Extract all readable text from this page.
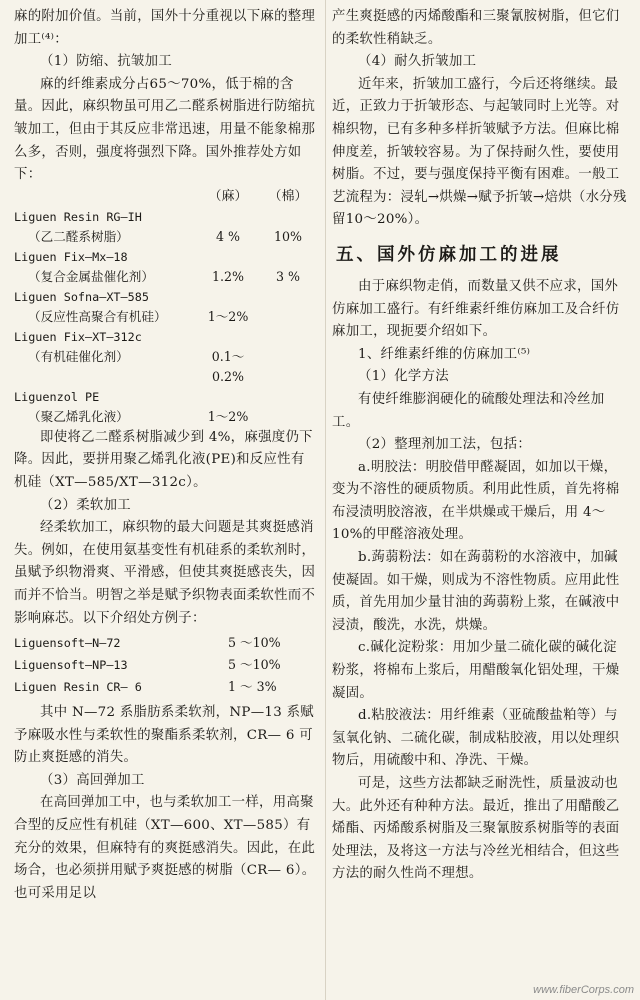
麻的附加价值。当前，国外十分重视以下麻的整理加工⁽⁴⁾：

（1）防缩、抗皱加工

麻的纤维素成分占65～70%，低于棉的含量。因此，麻织物虽可用乙二醛系树脂进行防缩抗皱加工，但由于其反应非常迅速，用量不能象棉那么多，否则，强度将强烈下降。国外推荐处方如下：

（麻）	（棉）
Liguen Resin RG—IH
（乙二醛系树脂）	4 %	10%
Liguen Fix—Mx—18
（复合金属盐催化剂）	1.2%	3 %
Liguen Sofna—XT—585
（反应性高聚合有机硅）	1～2%
Liguen Fix—XT—312c
（有机硅催化剂）	0.1～0.2%
Liguenzol PE
（聚乙烯乳化液）	1～2%

即使将乙二醛系树脂减少到 4%，麻强度仍下降。因此，要拼用聚乙烯乳化液(PE)和反应性有机硅（XT—585/XT—312c）。

（2）柔软加工

经柔软加工，麻织物的最大问题是其爽挺感消失。例如，在使用氨基变性有机硅系的柔软剂时，虽赋予织物滑爽、平滑感，但使其爽挺感丧失，因而并不恰当。明智之举是赋予织物表面柔软性而不影响麻芯。以下介绍处方例子：

Liguensoft—N—72	5 ～10%
Liguensoft—NP—13	5 ～10%
Liguen Resin CR— 6	1 ～ 3%

其中 N—72 系脂肪系柔软剂，NP—13 系赋予麻吸水性与柔软性的聚酯系柔软剂，CR— 6 可防止爽挺感的消失。

（3）高回弹加工

在高回弹加工中，也与柔软加工一样，用高聚合型的反应性有机硅（XT—600、XT—585）有充分的效果，但麻特有的爽挺感消失。因此，在此场合，也必须拼用赋予爽挺感的树脂（CR— 6）。也可采用足以

产生爽挺感的丙烯酸酯和三聚氰胺树脂，但它们的柔软性稍缺乏。

（4）耐久折皱加工

近年来，折皱加工盛行，今后还将继续。最近，正致力于折皱形态、与起皱同时上光等。对棉织物，已有多种多样折皱赋予方法。但麻比棉伸度差，折皱较容易。为了保持耐久性，要使用树脂。不过，要与强度保持平衡有困难。一般工艺流程为：浸轧→烘燥→赋予折皱→焙烘（水分残留10～20%）。

五、国外仿麻加工的进展

由于麻织物走俏，而数量又供不应求，国外仿麻加工盛行。有纤维素纤维仿麻加工及合纤仿麻加工，现扼要介绍如下。

1、纤维素纤维的仿麻加工⁽⁵⁾

（1）化学方法

有使纤维膨润硬化的硫酸处理法和冷丝加工。

（2）整理剂加工法，包括：

a.明胶法：明胶借甲醛凝固，如加以干燥，变为不溶性的硬质物质。利用此性质，首先将棉布浸渍明胶溶液，在半烘燥或干燥后，用 4～10%的甲醛溶液处理。

b.蒟蒻粉法：如在蒟蒻粉的水溶液中，加碱使凝固。如干燥，则成为不溶性物质。应用此性质，首先用加少量甘油的蒟蒻粉上浆，在碱液中浸渍，酸洗，水洗，烘燥。

c.碱化淀粉浆：用加少量二硫化碳的碱化淀粉浆，将棉布上浆后，用醋酸氧化铝处理，干燥凝固。

d.粘胶液法：用纤维素（亚硫酸盐粕等）与氢氧化钠、二硫化碳，制成粘胶液，用以处理织物后，用硫酸中和、净洗、干燥。

可是，这些方法都缺乏耐洗性，质量波动也大。此外还有种种方法。最近，推出了用醋酸乙烯酯、丙烯酸系树脂及三聚氰胺系树脂等的表面处理法，及将这一方法与冷丝光相结合，但这些方法的耐久性尚不理想。

www.fiberCorps.com
